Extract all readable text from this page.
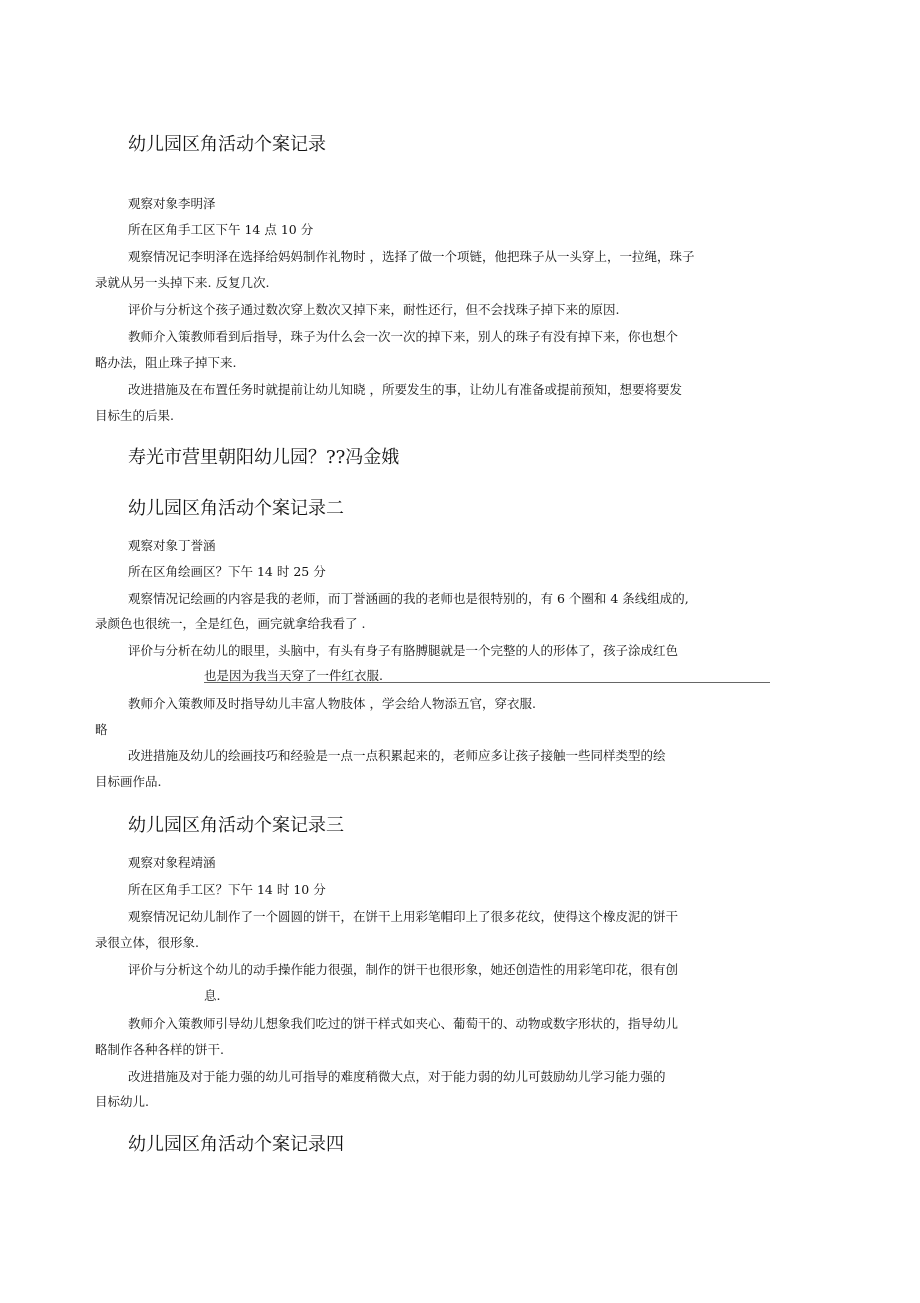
幼儿园区角活动个案记录
观察对象李明泽
所在区角手工区下午 14 点 10 分
观察情况记李明泽在选择给妈妈制作礼物时 ，选择了做一个项链，他把珠子从一头穿上，一拉绳，珠子
录就从另一头掉下来. 反复几次.
评价与分析这个孩子通过数次穿上数次又掉下来，耐性还行，但不会找珠子掉下来的原因.
教师介入策教师看到后指导，珠子为什么会一次一次的掉下来，别人的珠子有没有掉下来，你也想个
略办法，阻止珠子掉下来.
改进措施及在布置任务时就提前让幼儿知晓 ，所要发生的事，让幼儿有准备或提前预知，想要将要发
目标生的后果.
寿光市营里朝阳幼儿园？??冯金娥
幼儿园区角活动个案记录二
观察对象丁誉涵
所在区角绘画区？下午 14 时 25 分
观察情况记绘画的内容是我的老师，而丁誉涵画的我的老师也是很特别的，有 6 个圈和 4 条线组成的,
录颜色也很统一，全是红色，画完就拿给我看了 .
评价与分析在幼儿的眼里，头脑中，有头有身子有胳膊腿就是一个完整的人的形体了，孩子涂成红色
也是因为我当天穿了一件红衣服.
教师介入策教师及时指导幼儿丰富人物肢体 ，学会给人物添五官，穿衣服.
略
改进措施及幼儿的绘画技巧和经验是一点一点积累起来的，老师应多让孩子接触一些同样类型的绘
目标画作品.
幼儿园区角活动个案记录三
观察对象程靖涵
所在区角手工区？下午 14 时 10 分
观察情况记幼儿制作了一个圆圆的饼干，在饼干上用彩笔帽印上了很多花纹，使得这个橡皮泥的饼干
录很立体，很形象.
评价与分析这个幼儿的动手操作能力很强，制作的饼干也很形象，她还创造性的用彩笔印花，很有创
息.
教师介入策教师引导幼儿想象我们吃过的饼干样式如夹心、葡萄干的、动物或数字形状的，指导幼儿
略制作各种各样的饼干.
改进措施及对于能力强的幼儿可指导的难度稍微大点，对于能力弱的幼儿可鼓励幼儿学习能力强的
目标幼儿.
幼儿园区角活动个案记录四
